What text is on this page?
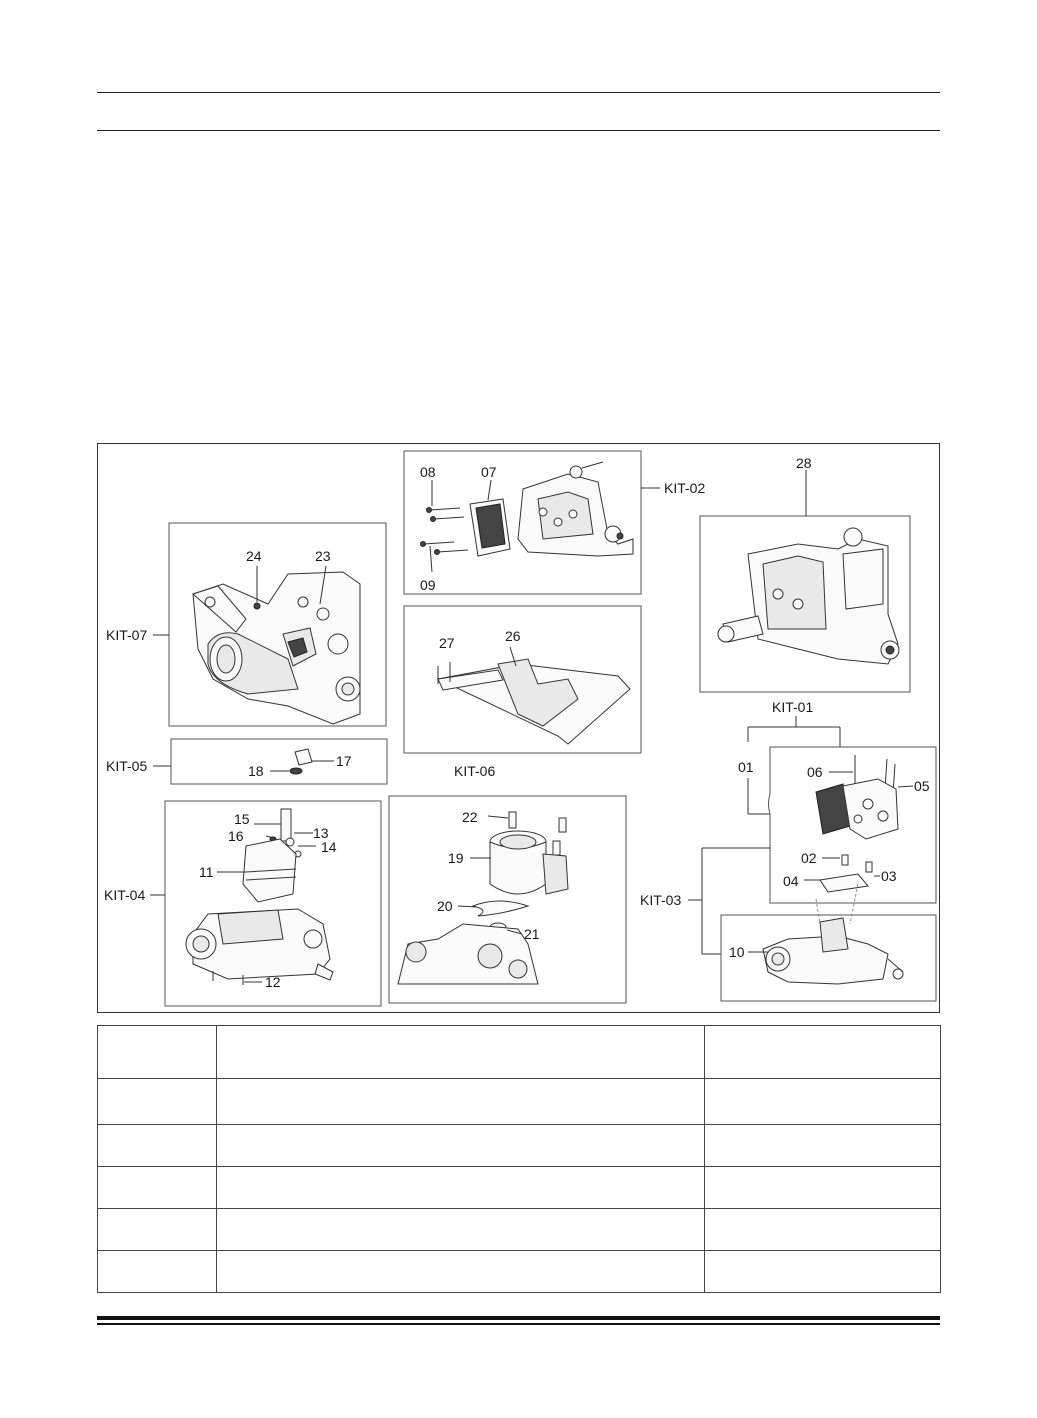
24	23
KIT-07
08	07
09
KIT-02
27	26
28
17
18
KIT-05
15
16	13
14
11
12
KIT-04
22
19
20
21
KIT-06
KIT-01
01	06
05
02
03
04
KIT-03
10
